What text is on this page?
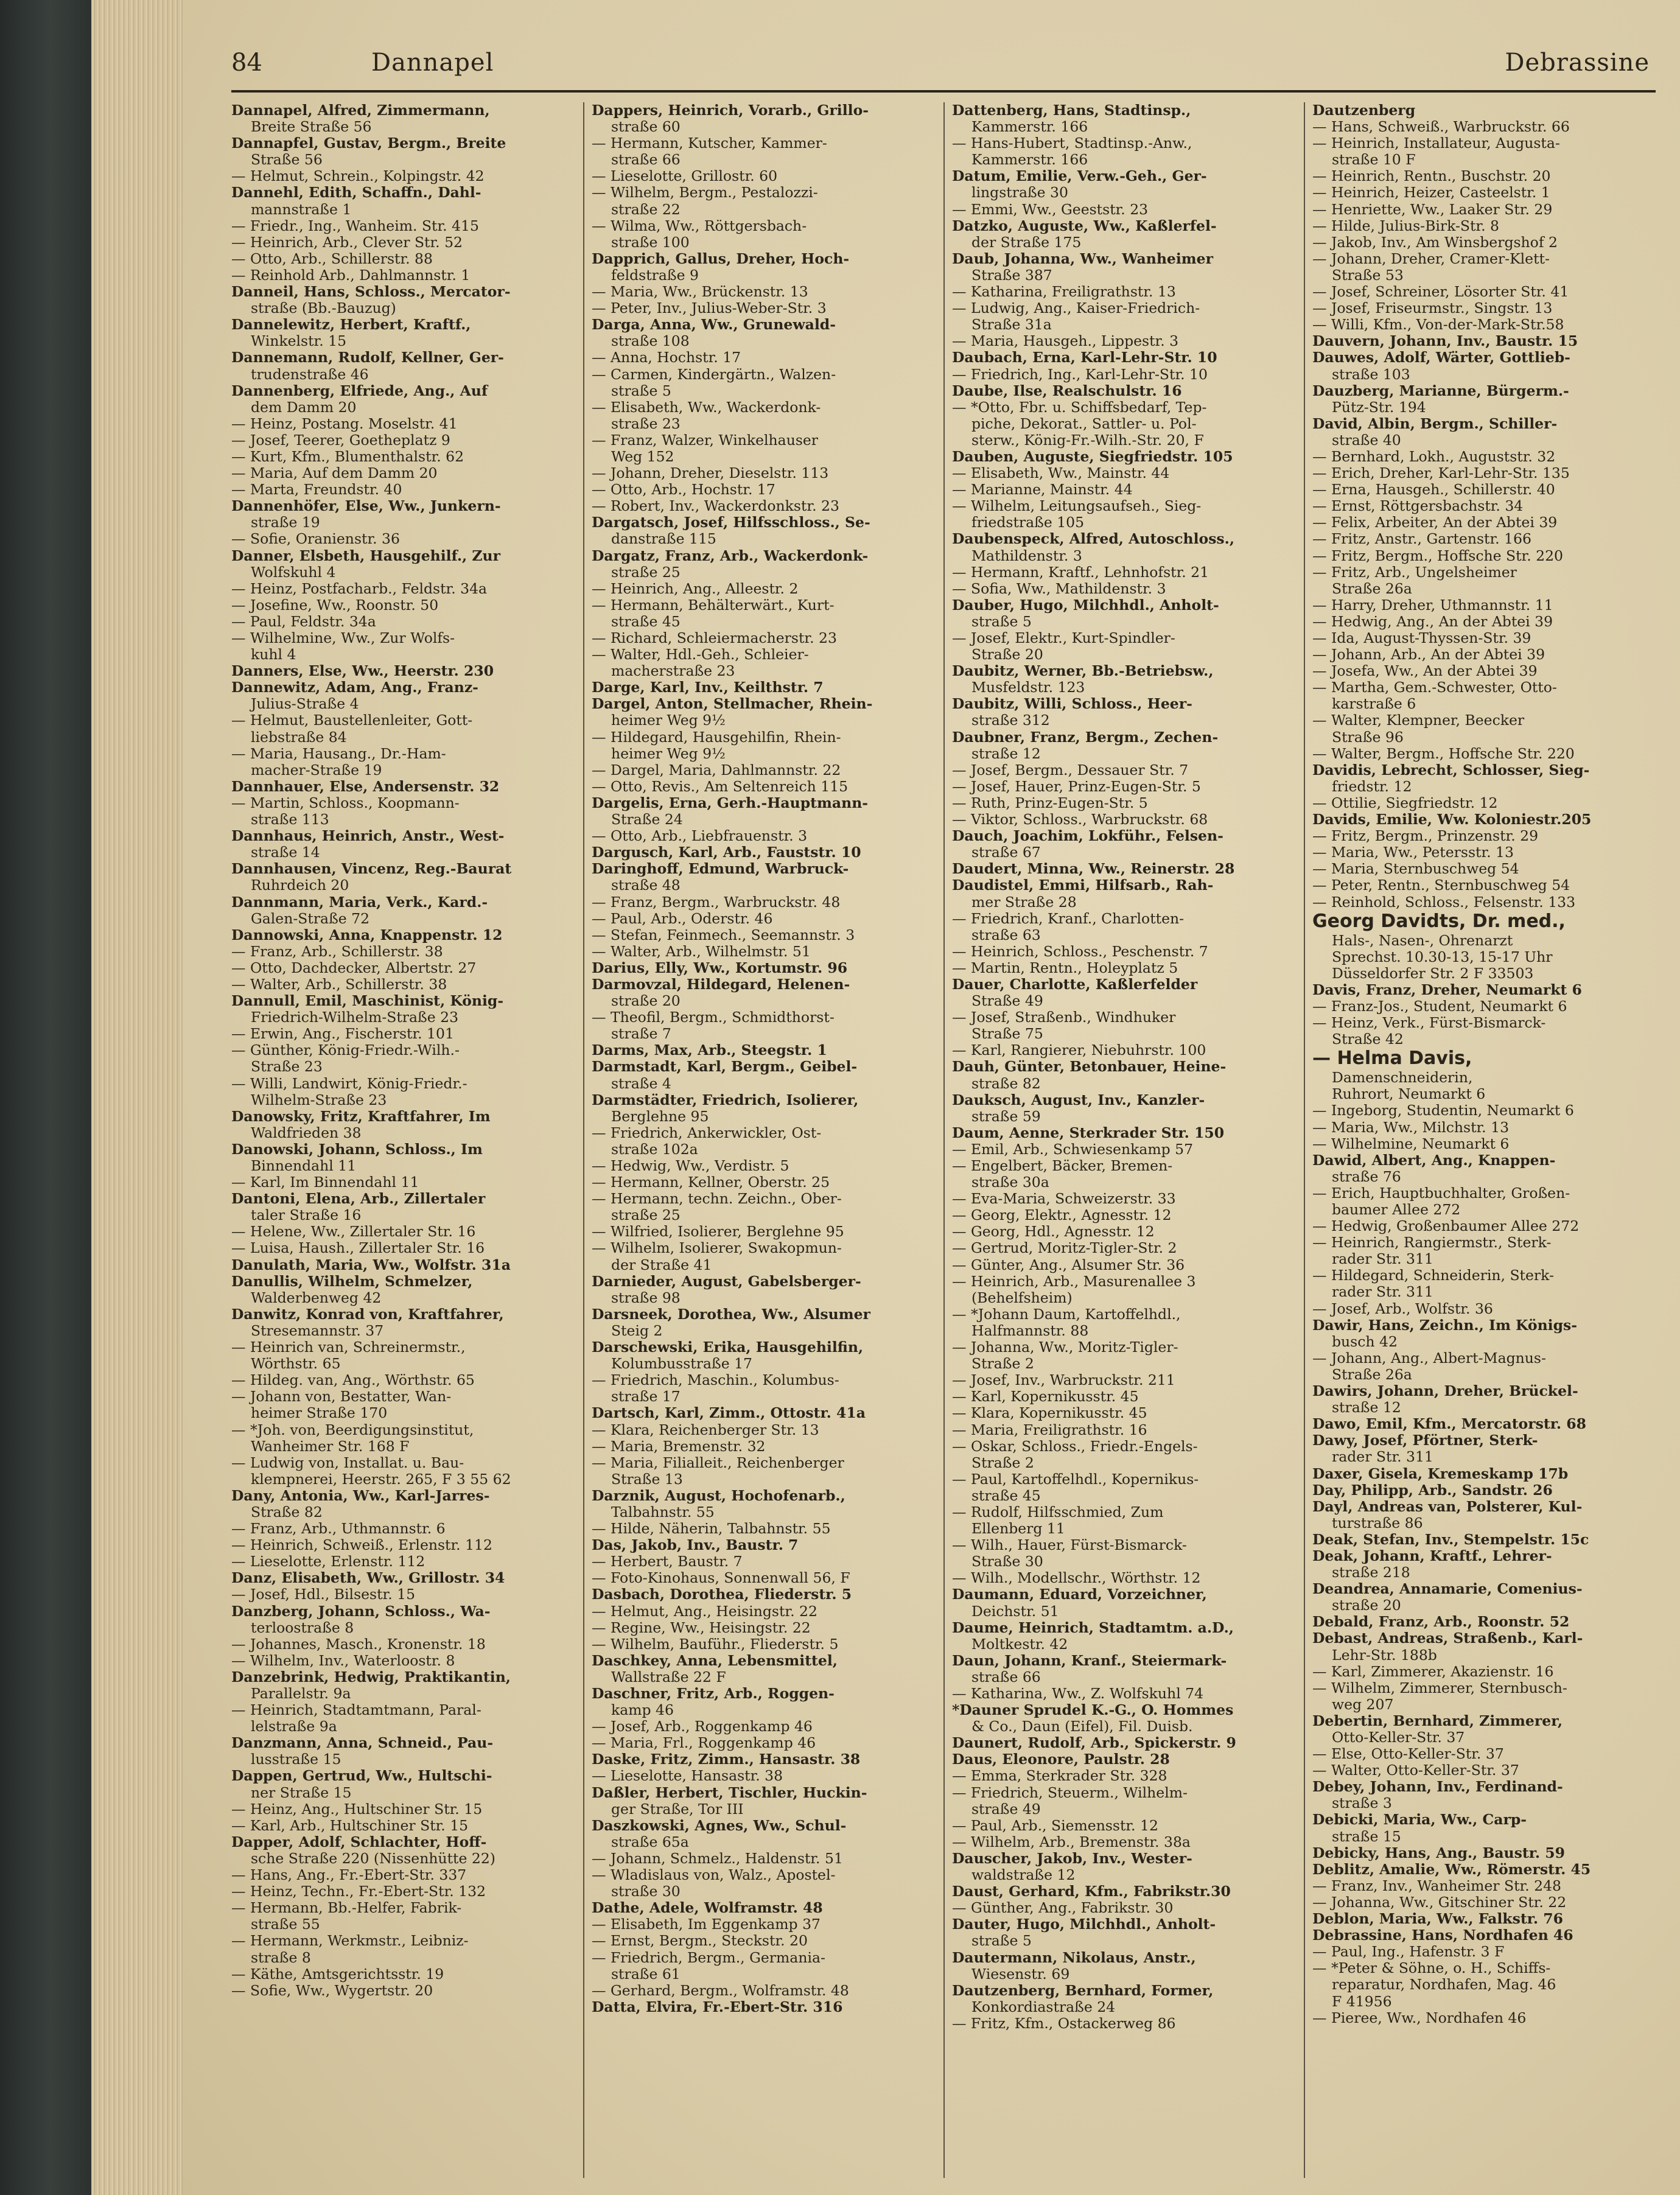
84	Dannapel	Debrassine
Dannapel, Alfred, Zimmermann,
Breite Straße 56
Dannapfel, Gustav, Bergm., Breite
Straße 56
— Helmut, Schrein., Kolpingstr. 42
Dannehl, Edith, Schaffn., Dahl-
mannstraße 1
— Friedr., Ing., Wanheim. Str. 415
— Heinrich, Arb., Clever Str. 52
— Otto, Arb., Schillerstr. 88
— Reinhold Arb., Dahlmannstr. 1
Danneil, Hans, Schloss., Mercator-
straße (Bb.-Bauzug)
Dannelewitz, Herbert, Kraftf.,
Winkelstr. 15
Dannemann, Rudolf, Kellner, Ger-
trudenstraße 46
Dannenberg, Elfriede, Ang., Auf
dem Damm 20
— Heinz, Postang. Moselstr. 41
— Josef, Teerer, Goetheplatz 9
— Kurt, Kfm., Blumenthalstr. 62
— Maria, Auf dem Damm 20
— Marta, Freundstr. 40
Dannenhöfer, Else, Ww., Junkern-
straße 19
— Sofie, Oranienstr. 36
Danner, Elsbeth, Hausgehilf., Zur
Wolfskuhl 4
— Heinz, Postfacharb., Feldstr. 34a
— Josefine, Ww., Roonstr. 50
— Paul, Feldstr. 34a
— Wilhelmine, Ww., Zur Wolfs-
kuhl 4
Danners, Else, Ww., Heerstr. 230
Dannewitz, Adam, Ang., Franz-
Julius-Straße 4
— Helmut, Baustellenleiter, Gott-
liebstraße 84
— Maria, Hausang., Dr.-Ham-
macher-Straße 19
Dannhauer, Else, Andersenstr. 32
— Martin, Schloss., Koopmann-
straße 113
Dannhaus, Heinrich, Anstr., West-
straße 14
Dannhausen, Vincenz, Reg.-Baurat
Ruhrdeich 20
Dannmann, Maria, Verk., Kard.-
Galen-Straße 72
Dannowski, Anna, Knappenstr. 12
— Franz, Arb., Schillerstr. 38
— Otto, Dachdecker, Albertstr. 27
— Walter, Arb., Schillerstr. 38
Dannull, Emil, Maschinist, König-
Friedrich-Wilhelm-Straße 23
— Erwin, Ang., Fischerstr. 101
— Günther, König-Friedr.-Wilh.-
Straße 23
— Willi, Landwirt, König-Friedr.-
Wilhelm-Straße 23
Danowsky, Fritz, Kraftfahrer, Im
Waldfrieden 38
Danowski, Johann, Schloss., Im
Binnendahl 11
— Karl, Im Binnendahl 11
Dantoni, Elena, Arb., Zillertaler
taler Straße 16
— Helene, Ww., Zillertaler Str. 16
— Luisa, Haush., Zillertaler Str. 16
Danulath, Maria, Ww., Wolfstr. 31a
Danullis, Wilhelm, Schmelzer,
Walderbenweg 42
Danwitz, Konrad von, Kraftfahrer,
Stresemannstr. 37
— Heinrich van, Schreinermstr.,
Wörthstr. 65
— Hildeg. van, Ang., Wörthstr. 65
— Johann von, Bestatter, Wan-
heimer Straße 170
— *Joh. von, Beerdigungsinstitut,
Wanheimer Str. 168 F
— Ludwig von, Installat. u. Bau-
klempnerei, Heerstr. 265, F 3 55 62
Dany, Antonia, Ww., Karl-Jarres-
Straße 82
— Franz, Arb., Uthmannstr. 6
— Heinrich, Schweiß., Erlenstr. 112
— Lieselotte, Erlenstr. 112
Danz, Elisabeth, Ww., Grillostr. 34
— Josef, Hdl., Bilsestr. 15
Danzberg, Johann, Schloss., Wa-
terloostraße 8
— Johannes, Masch., Kronenstr. 18
— Wilhelm, Inv., Waterloostr. 8
Danzebrink, Hedwig, Praktikantin,
Parallelstr. 9a
— Heinrich, Stadtamtmann, Paral-
lelstraße 9a
Danzmann, Anna, Schneid., Pau-
lusstraße 15
Dappen, Gertrud, Ww., Hultschi-
ner Straße 15
— Heinz, Ang., Hultschiner Str. 15
— Karl, Arb., Hultschiner Str. 15
Dapper, Adolf, Schlachter, Hoff-
sche Straße 220 (Nissenhütte 22)
— Hans, Ang., Fr.-Ebert-Str. 337
— Heinz, Techn., Fr.-Ebert-Str. 132
— Hermann, Bb.-Helfer, Fabrik-
straße 55
— Hermann, Werkmstr., Leibniz-
straße 8
— Käthe, Amtsgerichtsstr. 19
— Sofie, Ww., Wygertstr. 20
Dappers, Heinrich, Vorarb., Grillo-
straße 60
— Hermann, Kutscher, Kammer-
straße 66
— Lieselotte, Grillostr. 60
— Wilhelm, Bergm., Pestalozzi-
straße 22
— Wilma, Ww., Röttgersbach-
straße 100
Dapprich, Gallus, Dreher, Hoch-
feldstraße 9
— Maria, Ww., Brückenstr. 13
— Peter, Inv., Julius-Weber-Str. 3
Darga, Anna, Ww., Grunewald-
straße 108
— Anna, Hochstr. 17
— Carmen, Kindergärtn., Walzen-
straße 5
— Elisabeth, Ww., Wackerdonk-
straße 23
— Franz, Walzer, Winkelhauser
Weg 152
— Johann, Dreher, Dieselstr. 113
— Otto, Arb., Hochstr. 17
— Robert, Inv., Wackerdonkstr. 23
Dargatsch, Josef, Hilfsschloss., Se-
danstraße 115
Dargatz, Franz, Arb., Wackerdonk-
straße 25
— Heinrich, Ang., Alleestr. 2
— Hermann, Behälterwärt., Kurt-
straße 45
— Richard, Schleiermacherstr. 23
— Walter, Hdl.-Geh., Schleier-
macherstraße 23
Darge, Karl, Inv., Keilthstr. 7
Dargel, Anton, Stellmacher, Rhein-
heimer Weg 9½
— Hildegard, Hausgehilfin, Rhein-
heimer Weg 9½
— Dargel, Maria, Dahlmannstr. 22
— Otto, Revis., Am Seltenreich 115
Dargelis, Erna, Gerh.-Hauptmann-
Straße 24
— Otto, Arb., Liebfrauenstr. 3
Dargusch, Karl, Arb., Fauststr. 10
Daringhoff, Edmund, Warbruck-
straße 48
— Franz, Bergm., Warbruckstr. 48
— Paul, Arb., Oderstr. 46
— Stefan, Feinmech., Seemannstr. 3
— Walter, Arb., Wilhelmstr. 51
Darius, Elly, Ww., Kortumstr. 96
Darmovzal, Hildegard, Helenen-
straße 20
— Theofil, Bergm., Schmidthorst-
straße 7
Darms, Max, Arb., Steegstr. 1
Darmstadt, Karl, Bergm., Geibel-
straße 4
Darmstädter, Friedrich, Isolierer,
Berglehne 95
— Friedrich, Ankerwickler, Ost-
straße 102a
— Hedwig, Ww., Verdistr. 5
— Hermann, Kellner, Oberstr. 25
— Hermann, techn. Zeichn., Ober-
straße 25
— Wilfried, Isolierer, Berglehne 95
— Wilhelm, Isolierer, Swakopmun-
der Straße 41
Darnieder, August, Gabelsberger-
straße 98
Darsneek, Dorothea, Ww., Alsumer
Steig 2
Darschewski, Erika, Hausgehilfin,
Kolumbusstraße 17
— Friedrich, Maschin., Kolumbus-
straße 17
Dartsch, Karl, Zimm., Ottostr. 41a
— Klara, Reichenberger Str. 13
— Maria, Bremenstr. 32
— Maria, Filialleit., Reichenberger
Straße 13
Darznik, August, Hochofenarb.,
Talbahnstr. 55
— Hilde, Näherin, Talbahnstr. 55
Das, Jakob, Inv., Baustr. 7
— Herbert, Baustr. 7
— Foto-Kinohaus, Sonnenwall 56, F
Dasbach, Dorothea, Fliederstr. 5
— Helmut, Ang., Heisingstr. 22
— Regine, Ww., Heisingstr. 22
— Wilhelm, Bauführ., Fliederstr. 5
Daschkey, Anna, Lebensmittel,
Wallstraße 22 F
Daschner, Fritz, Arb., Roggen-
kamp 46
— Josef, Arb., Roggenkamp 46
— Maria, Frl., Roggenkamp 46
Daske, Fritz, Zimm., Hansastr. 38
— Lieselotte, Hansastr. 38
Daßler, Herbert, Tischler, Huckin-
ger Straße, Tor III
Daszkowski, Agnes, Ww., Schul-
straße 65a
— Johann, Schmelz., Haldenstr. 51
— Wladislaus von, Walz., Apostel-
straße 30
Dathe, Adele, Wolframstr. 48
— Elisabeth, Im Eggenkamp 37
— Ernst, Bergm., Steckstr. 20
— Friedrich, Bergm., Germania-
straße 61
— Gerhard, Bergm., Wolframstr. 48
Datta, Elvira, Fr.-Ebert-Str. 316
Dattenberg, Hans, Stadtinsp.,
Kammerstr. 166
— Hans-Hubert, Stadtinsp.-Anw.,
Kammerstr. 166
Datum, Emilie, Verw.-Geh., Ger-
lingstraße 30
— Emmi, Ww., Geeststr. 23
Datzko, Auguste, Ww., Kaßlerfel-
der Straße 175
Daub, Johanna, Ww., Wanheimer
Straße 387
— Katharina, Freiligrathstr. 13
— Ludwig, Ang., Kaiser-Friedrich-
Straße 31a
— Maria, Hausgeh., Lippestr. 3
Daubach, Erna, Karl-Lehr-Str. 10
— Friedrich, Ing., Karl-Lehr-Str. 10
Daube, Ilse, Realschulstr. 16
— *Otto, Fbr. u. Schiffsbedarf, Tep-
piche, Dekorat., Sattler- u. Pol-
sterw., König-Fr.-Wilh.-Str. 20, F
Dauben, Auguste, Siegfriedstr. 105
— Elisabeth, Ww., Mainstr. 44
— Marianne, Mainstr. 44
— Wilhelm, Leitungsaufseh., Sieg-
friedstraße 105
Daubenspeck, Alfred, Autoschloss.,
Mathildenstr. 3
— Hermann, Kraftf., Lehnhofstr. 21
— Sofia, Ww., Mathildenstr. 3
Dauber, Hugo, Milchhdl., Anholt-
straße 5
— Josef, Elektr., Kurt-Spindler-
Straße 20
Daubitz, Werner, Bb.-Betriebsw.,
Musfeldstr. 123
Daubitz, Willi, Schloss., Heer-
straße 312
Daubner, Franz, Bergm., Zechen-
straße 12
— Josef, Bergm., Dessauer Str. 7
— Josef, Hauer, Prinz-Eugen-Str. 5
— Ruth, Prinz-Eugen-Str. 5
— Viktor, Schloss., Warbruckstr. 68
Dauch, Joachim, Lokführ., Felsen-
straße 67
Daudert, Minna, Ww., Reinerstr. 28
Daudistel, Emmi, Hilfsarb., Rah-
mer Straße 28
— Friedrich, Kranf., Charlotten-
straße 63
— Heinrich, Schloss., Peschenstr. 7
— Martin, Rentn., Holeyplatz 5
Dauer, Charlotte, Kaßlerfelder
Straße 49
— Josef, Straßenb., Windhuker
Straße 75
— Karl, Rangierer, Niebuhrstr. 100
Dauh, Günter, Betonbauer, Heine-
straße 82
Dauksch, August, Inv., Kanzler-
straße 59
Daum, Aenne, Sterkrader Str. 150
— Emil, Arb., Schwiesenkamp 57
— Engelbert, Bäcker, Bremen-
straße 30a
— Eva-Maria, Schweizerstr. 33
— Georg, Elektr., Agnesstr. 12
— Georg, Hdl., Agnesstr. 12
— Gertrud, Moritz-Tigler-Str. 2
— Günter, Ang., Alsumer Str. 36
— Heinrich, Arb., Masurenallee 3
(Behelfsheim)
— *Johann Daum, Kartoffelhdl.,
Halfmannstr. 88
— Johanna, Ww., Moritz-Tigler-
Straße 2
— Josef, Inv., Warbruckstr. 211
— Karl, Kopernikusstr. 45
— Klara, Kopernikusstr. 45
— Maria, Freiligrathstr. 16
— Oskar, Schloss., Friedr.-Engels-
Straße 2
— Paul, Kartoffelhdl., Kopernikus-
straße 45
— Rudolf, Hilfsschmied, Zum
Ellenberg 11
— Wilh., Hauer, Fürst-Bismarck-
Straße 30
— Wilh., Modellschr., Wörthstr. 12
Daumann, Eduard, Vorzeichner,
Deichstr. 51
Daume, Heinrich, Stadtamtm. a.D.,
Moltkestr. 42
Daun, Johann, Kranf., Steiermark-
straße 66
— Katharina, Ww., Z. Wolfskuhl 74
*Dauner Sprudel K.-G., O. Hommes
& Co., Daun (Eifel), Fil. Duisb.
Daunert, Rudolf, Arb., Spickerstr. 9
Daus, Eleonore, Paulstr. 28
— Emma, Sterkrader Str. 328
— Friedrich, Steuerm., Wilhelm-
straße 49
— Paul, Arb., Siemensstr. 12
— Wilhelm, Arb., Bremenstr. 38a
Dauscher, Jakob, Inv., Wester-
waldstraße 12
Daust, Gerhard, Kfm., Fabrikstr.30
— Günther, Ang., Fabrikstr. 30
Dauter, Hugo, Milchhdl., Anholt-
straße 5
Dautermann, Nikolaus, Anstr.,
Wiesenstr. 69
Dautzenberg, Bernhard, Former,
Konkordiastraße 24
— Fritz, Kfm., Ostackerweg 86
Dautzenberg
— Hans, Schweiß., Warbruckstr. 66
— Heinrich, Installateur, Augusta-
straße 10 F
— Heinrich, Rentn., Buschstr. 20
— Heinrich, Heizer, Casteelstr. 1
— Henriette, Ww., Laaker Str. 29
— Hilde, Julius-Birk-Str. 8
— Jakob, Inv., Am Winsbergshof 2
— Johann, Dreher, Cramer-Klett-
Straße 53
— Josef, Schreiner, Lösorter Str. 41
— Josef, Friseurmstr., Singstr. 13
— Willi, Kfm., Von-der-Mark-Str.58
Dauvern, Johann, Inv., Baustr. 15
Dauwes, Adolf, Wärter, Gottlieb-
straße 103
Dauzberg, Marianne, Bürgerm.-
Pütz-Str. 194
David, Albin, Bergm., Schiller-
straße 40
— Bernhard, Lokh., Auguststr. 32
— Erich, Dreher, Karl-Lehr-Str. 135
— Erna, Hausgeh., Schillerstr. 40
— Ernst, Röttgersbachstr. 34
— Felix, Arbeiter, An der Abtei 39
— Fritz, Anstr., Gartenstr. 166
— Fritz, Bergm., Hoffsche Str. 220
— Fritz, Arb., Ungelsheimer
Straße 26a
— Harry, Dreher, Uthmannstr. 11
— Hedwig, Ang., An der Abtei 39
— Ida, August-Thyssen-Str. 39
— Johann, Arb., An der Abtei 39
— Josefa, Ww., An der Abtei 39
— Martha, Gem.-Schwester, Otto-
karstraße 6
— Walter, Klempner, Beecker
Straße 96
— Walter, Bergm., Hoffsche Str. 220
Davidis, Lebrecht, Schlosser, Sieg-
friedstr. 12
— Ottilie, Siegfriedstr. 12
Davids, Emilie, Ww. Koloniestr.205
— Fritz, Bergm., Prinzenstr. 29
— Maria, Ww., Petersstr. 13
— Maria, Sternbuschweg 54
— Peter, Rentn., Sternbuschweg 54
— Reinhold, Schloss., Felsenstr. 133
Georg Davidts, Dr. med.,
Hals-, Nasen-, Ohrenarzt
Sprechst. 10.30-13, 15-17 Uhr
Düsseldorfer Str. 2 F 33503
Davis, Franz, Dreher, Neumarkt 6
— Franz-Jos., Student, Neumarkt 6
— Heinz, Verk., Fürst-Bismarck-
Straße 42
— Helma Davis,
Damenschneiderin,
Ruhrort, Neumarkt 6
— Ingeborg, Studentin, Neumarkt 6
— Maria, Ww., Milchstr. 13
— Wilhelmine, Neumarkt 6
Dawid, Albert, Ang., Knappen-
straße 76
— Erich, Hauptbuchhalter, Großen-
baumer Allee 272
— Hedwig, Großenbaumer Allee 272
— Heinrich, Rangiermstr., Sterk-
rader Str. 311
— Hildegard, Schneiderin, Sterk-
rader Str. 311
— Josef, Arb., Wolfstr. 36
Dawir, Hans, Zeichn., Im Königs-
busch 42
— Johann, Ang., Albert-Magnus-
Straße 26a
Dawirs, Johann, Dreher, Brückel-
straße 12
Dawo, Emil, Kfm., Mercatorstr. 68
Dawy, Josef, Pförtner, Sterk-
rader Str. 311
Daxer, Gisela, Kremeskamp 17b
Day, Philipp, Arb., Sandstr. 26
Dayl, Andreas van, Polsterer, Kul-
turstraße 86
Deak, Stefan, Inv., Stempelstr. 15c
Deak, Johann, Kraftf., Lehrer-
straße 218
Deandrea, Annamarie, Comenius-
straße 20
Debald, Franz, Arb., Roonstr. 52
Debast, Andreas, Straßenb., Karl-
Lehr-Str. 188b
— Karl, Zimmerer, Akazienstr. 16
— Wilhelm, Zimmerer, Sternbusch-
weg 207
Debertin, Bernhard, Zimmerer,
Otto-Keller-Str. 37
— Else, Otto-Keller-Str. 37
— Walter, Otto-Keller-Str. 37
Debey, Johann, Inv., Ferdinand-
straße 3
Debicki, Maria, Ww., Carp-
straße 15
Debicky, Hans, Ang., Baustr. 59
Deblitz, Amalie, Ww., Römerstr. 45
— Franz, Inv., Wanheimer Str. 248
— Johanna, Ww., Gitschiner Str. 22
Deblon, Maria, Ww., Falkstr. 76
Debrassine, Hans, Nordhafen 46
— Paul, Ing., Hafenstr. 3 F
— *Peter & Söhne, o. H., Schiffs-
reparatur, Nordhafen, Mag. 46
F 41956
— Pieree, Ww., Nordhafen 46
